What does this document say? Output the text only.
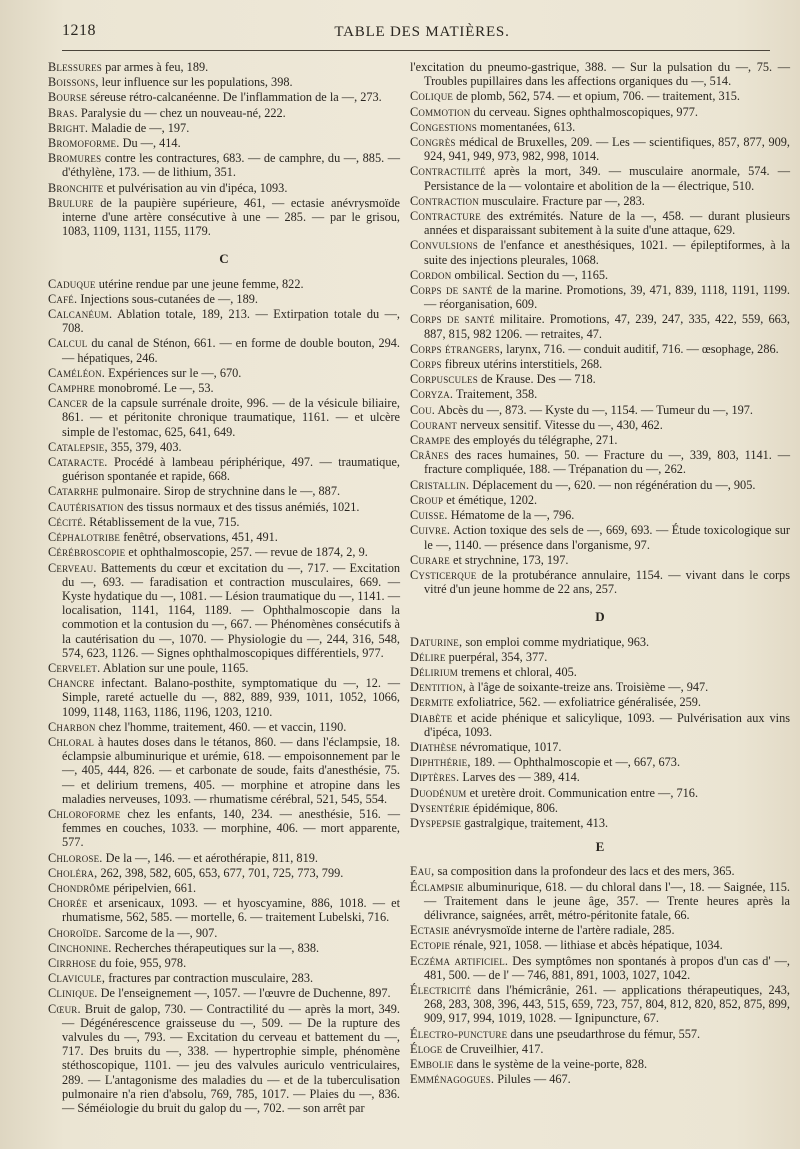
1218	TABLE DES MATIÈRES.
Blessures par armes à feu, 189.
Boissons, leur influence sur les populations, 398.
Bourse séreuse rétro-calcanéenne. De l'inflammation de la —, 273.
Bras. Paralysie du — chez un nouveau-né, 222.
Bright. Maladie de —, 197.
Bromoforme. Du —, 414.
Bromures contre les contractures, 683. — de camphre, du —, 885. — d'éthylène, 173. — de lithium, 351.
Bronchite et pulvérisation au vin d'ipéca, 1093.
Brulure de la paupière supérieure, 461, — ectasie anévrysmoïde interne d'une artère consécutive à une — 285. — par le grisou, 1083, 1109, 1131, 1155, 1179.
C
Caduque utérine rendue par une jeune femme, 822.
Café. Injections sous-cutanées de —, 189.
Calcanéum. Ablation totale, 189, 213. — Extirpation totale du —, 708.
Calcul du canal de Sténon, 661. — en forme de double bouton, 294. — hépatiques, 246.
Caméléon. Expériences sur le —, 670.
Camphre monobromé. Le —, 53.
Cancer de la capsule surrénale droite, 996. — de la vésicule biliaire, 861. — et péritonite chronique traumatique, 1161. — et ulcère simple de l'estomac, 625, 641, 649.
Catalepsie, 355, 379, 403.
Cataracte. Procédé à lambeau périphérique, 497. — traumatique, guérison spontanée et rapide, 668.
Catarrhe pulmonaire. Sirop de strychnine dans le —, 887.
Cautérisation des tissus normaux et des tissus anémiés, 1021.
Cécité. Rétablissement de la vue, 715.
Céphalotribe fenêtré, observations, 451, 491.
Cérébroscopie et ophthalmoscopie, 257. — revue de 1874, 2, 9.
Cerveau. Battements du cœur et excitation du —, 717. — Excitation du —, 693. — faradisation et contraction musculaires, 669. — Kyste hydatique du —, 1081. — Lésion traumatique du —, 1141. — localisation, 1141, 1164, 1189. — Ophthalmoscopie dans la commotion et la contusion du —, 667. — Phénomènes consécutifs à la cautérisation du —, 1070. — Physiologie du —, 244, 316, 548, 574, 623, 1126. — Signes ophthalmoscopiques différentiels, 977.
Cervelet. Ablation sur une poule, 1165.
Chancre infectant. Balano-posthite, symptomatique du —, 12. — Simple, rareté actuelle du —, 882, 889, 939, 1011, 1052, 1066, 1099, 1148, 1163, 1186, 1196, 1203, 1210.
Charbon chez l'homme, traitement, 460. — et vaccin, 1190.
Chloral à hautes doses dans le tétanos, 860. — dans l'éclampsie, 18. éclampsie albuminurique et urémie, 618. — empoisonnement par le —, 405, 444, 826. — et carbonate de soude, faits d'anesthésie, 75. — et delirium tremens, 405. — morphine et atropine dans les maladies nerveuses, 1093. — rhumatisme cérébral, 521, 545, 554.
Chloroforme chez les enfants, 140, 234. — anesthésie, 516. — femmes en couches, 1033. — morphine, 406. — mort apparente, 577.
Chlorose. De la —, 146. — et aérothérapie, 811, 819.
Choléra, 262, 398, 582, 605, 653, 677, 701, 725, 773, 799.
Chondrôme péripelvien, 661.
Chorée et arsenicaux, 1093. — et hyoscyamine, 886, 1018. — et rhumatisme, 562, 585. — mortelle, 6. — traitement Lubelski, 716.
Choroïde. Sarcome de la —, 907.
Cinchonine. Recherches thérapeutiques sur la —, 838.
Cirrhose du foie, 955, 978.
Clavicule, fractures par contraction musculaire, 283.
Clinique. De l'enseignement —, 1057. — l'œuvre de Duchenne, 897.
Cœur. Bruit de galop, 730. — Contractilité du — après la mort, 349. — Dégénérescence graisseuse du —, 509. — De la rupture des valvules du —, 793. — Excitation du cerveau et battement du —, 717. Des bruits du —, 338. — hypertrophie simple, phénomène stéthoscopique, 1101. — jeu des valvules auriculo ventriculaires, 289. — L'antagonisme des maladies du — et de la tuberculisation pulmonaire n'a rien d'absolu, 769, 785, 1017. — Plaies du —, 836. — Séméiologie du bruit du galop du —, 702. — son arrêt par
l'excitation du pneumo-gastrique, 388. — Sur la pulsation du —, 75. — Troubles pupillaires dans les affections organiques du —, 514.
Colique de plomb, 562, 574. — et opium, 706. — traitement, 315.
Commotion du cerveau. Signes ophthalmoscopiques, 977.
Congestions momentanées, 613.
Congrès médical de Bruxelles, 209. — Les — scientifiques, 857, 877, 909, 924, 941, 949, 973, 982, 998, 1014.
Contractilité après la mort, 349. — musculaire anormale, 574. — Persistance de la — volontaire et abolition de la — électrique, 510.
Contraction musculaire. Fracture par —, 283.
Contracture des extrémités. Nature de la —, 458. — durant plusieurs années et disparaissant subitement à la suite d'une attaque, 629.
Convulsions de l'enfance et anesthésiques, 1021. — épileptiformes, à la suite des injections pleurales, 1068.
Cordon ombilical. Section du —, 1165.
Corps de santé de la marine. Promotions, 39, 471, 839, 1118, 1191, 1199. — réorganisation, 609.
Corps de santé militaire. Promotions, 47, 239, 247, 335, 422, 559, 663, 887, 815, 982 1206. — retraites, 47.
Corps étrangers, larynx, 716. — conduit auditif, 716. — œsophage, 286.
Corps fibreux utérins interstitiels, 268.
Corpuscules de Krause. Des — 718.
Coryza. Traitement, 358.
Cou. Abcès du —, 873. — Kyste du —, 1154. — Tumeur du —, 197.
Courant nerveux sensitif. Vitesse du —, 430, 462.
Crampe des employés du télégraphe, 271.
Crânes des races humaines, 50. — Fracture du —, 339, 803, 1141. — fracture compliquée, 188. — Trépanation du —, 262.
Cristallin. Déplacement du —, 620. — non régénération du —, 905.
Croup et émétique, 1202.
Cuisse. Hématome de la —, 796.
Cuivre. Action toxique des sels de —, 669, 693. — Étude toxicologique sur le —, 1140. — présence dans l'organisme, 97.
Curare et strychnine, 173, 197.
Cysticerque de la protubérance annulaire, 1154. — vivant dans le corps vitré d'un jeune homme de 22 ans, 257.
D
Daturine, son emploi comme mydriatique, 963.
Délire puerpéral, 354, 377.
Délirium tremens et chloral, 405.
Dentition, à l'âge de soixante-treize ans. Troisième —, 947.
Dermite exfoliatrice, 562. — exfoliatrice généralisée, 259.
Diabète et acide phénique et salicylique, 1093. — Pulvérisation aux vins d'ipéca, 1093.
Diathèse névromatique, 1017.
Diphthérie, 189. — Ophthalmoscopie et —, 667, 673.
Diptères. Larves des — 389, 414.
Duodénum et uretère droit. Communication entre —, 716.
Dysentérie épidémique, 806.
Dyspepsie gastralgique, traitement, 413.
E
Eau, sa composition dans la profondeur des lacs et des mers, 365.
Éclampsie albuminurique, 618. — du chloral dans l'—, 18. — Saignée, 115. — Traitement dans le jeune âge, 357. — Trente heures après la délivrance, saignées, arrêt, métro-péritonite fatale, 66.
Ectasie anévrysmoïde interne de l'artère radiale, 285.
Ectopie rénale, 921, 1058. — lithiase et abcès hépatique, 1034.
Eczéma artificiel. Des symptômes non spontanés à propos d'un cas d' —, 481, 500. — de l' — 746, 881, 891, 1003, 1027, 1042.
Électricité dans l'hémicrânie, 261. — applications thérapeutiques, 243, 268, 283, 308, 396, 443, 515, 659, 723, 757, 804, 812, 820, 852, 875, 899, 909, 917, 994, 1019, 1028. — Ignipuncture, 67.
Électro-puncture dans une pseudarthrose du fémur, 557.
Éloge de Cruveilhier, 417.
Embolie dans le système de la veine-porte, 828.
Emménagogues. Pilules — 467.
